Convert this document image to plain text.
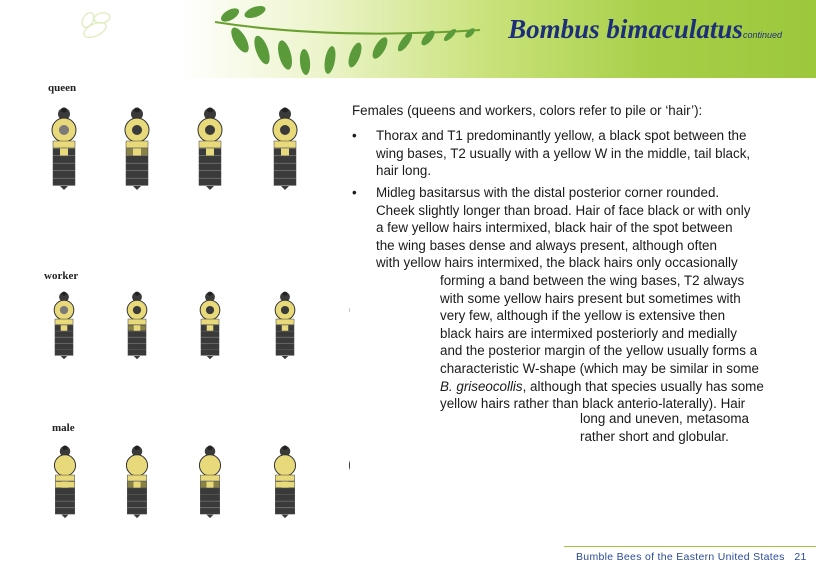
Bombus bimaculatuscontinued
queen
worker
male
Females (queens and workers, colors refer to pile or ‘hair’):
• Thorax and T1 predominantly yellow, a black spot between the
wing bases, T2 usually with a yellow W in the middle, tail black,
hair long.
• Midleg basitarsus with the distal posterior corner rounded.
Cheek slightly longer than broad. Hair of face black or with only
a few yellow hairs intermixed, black hair of the spot between
the wing bases dense and always present, although often
with yellow hairs intermixed, the black hairs only occasionally
forming a band between the wing bases, T2 always
with some yellow hairs present but sometimes with
very few, although if the yellow is extensive then
black hairs are intermixed posteriorly and medially
and the posterior margin of the yellow usually forms a
characteristic W-shape (which may be similar in some
B. griseocollis, although that species usually has some
yellow hairs rather than black anterio-laterally). Hair
long and uneven, metasoma
rather short and globular.
Bumble Bees of the Eastern United States 21
